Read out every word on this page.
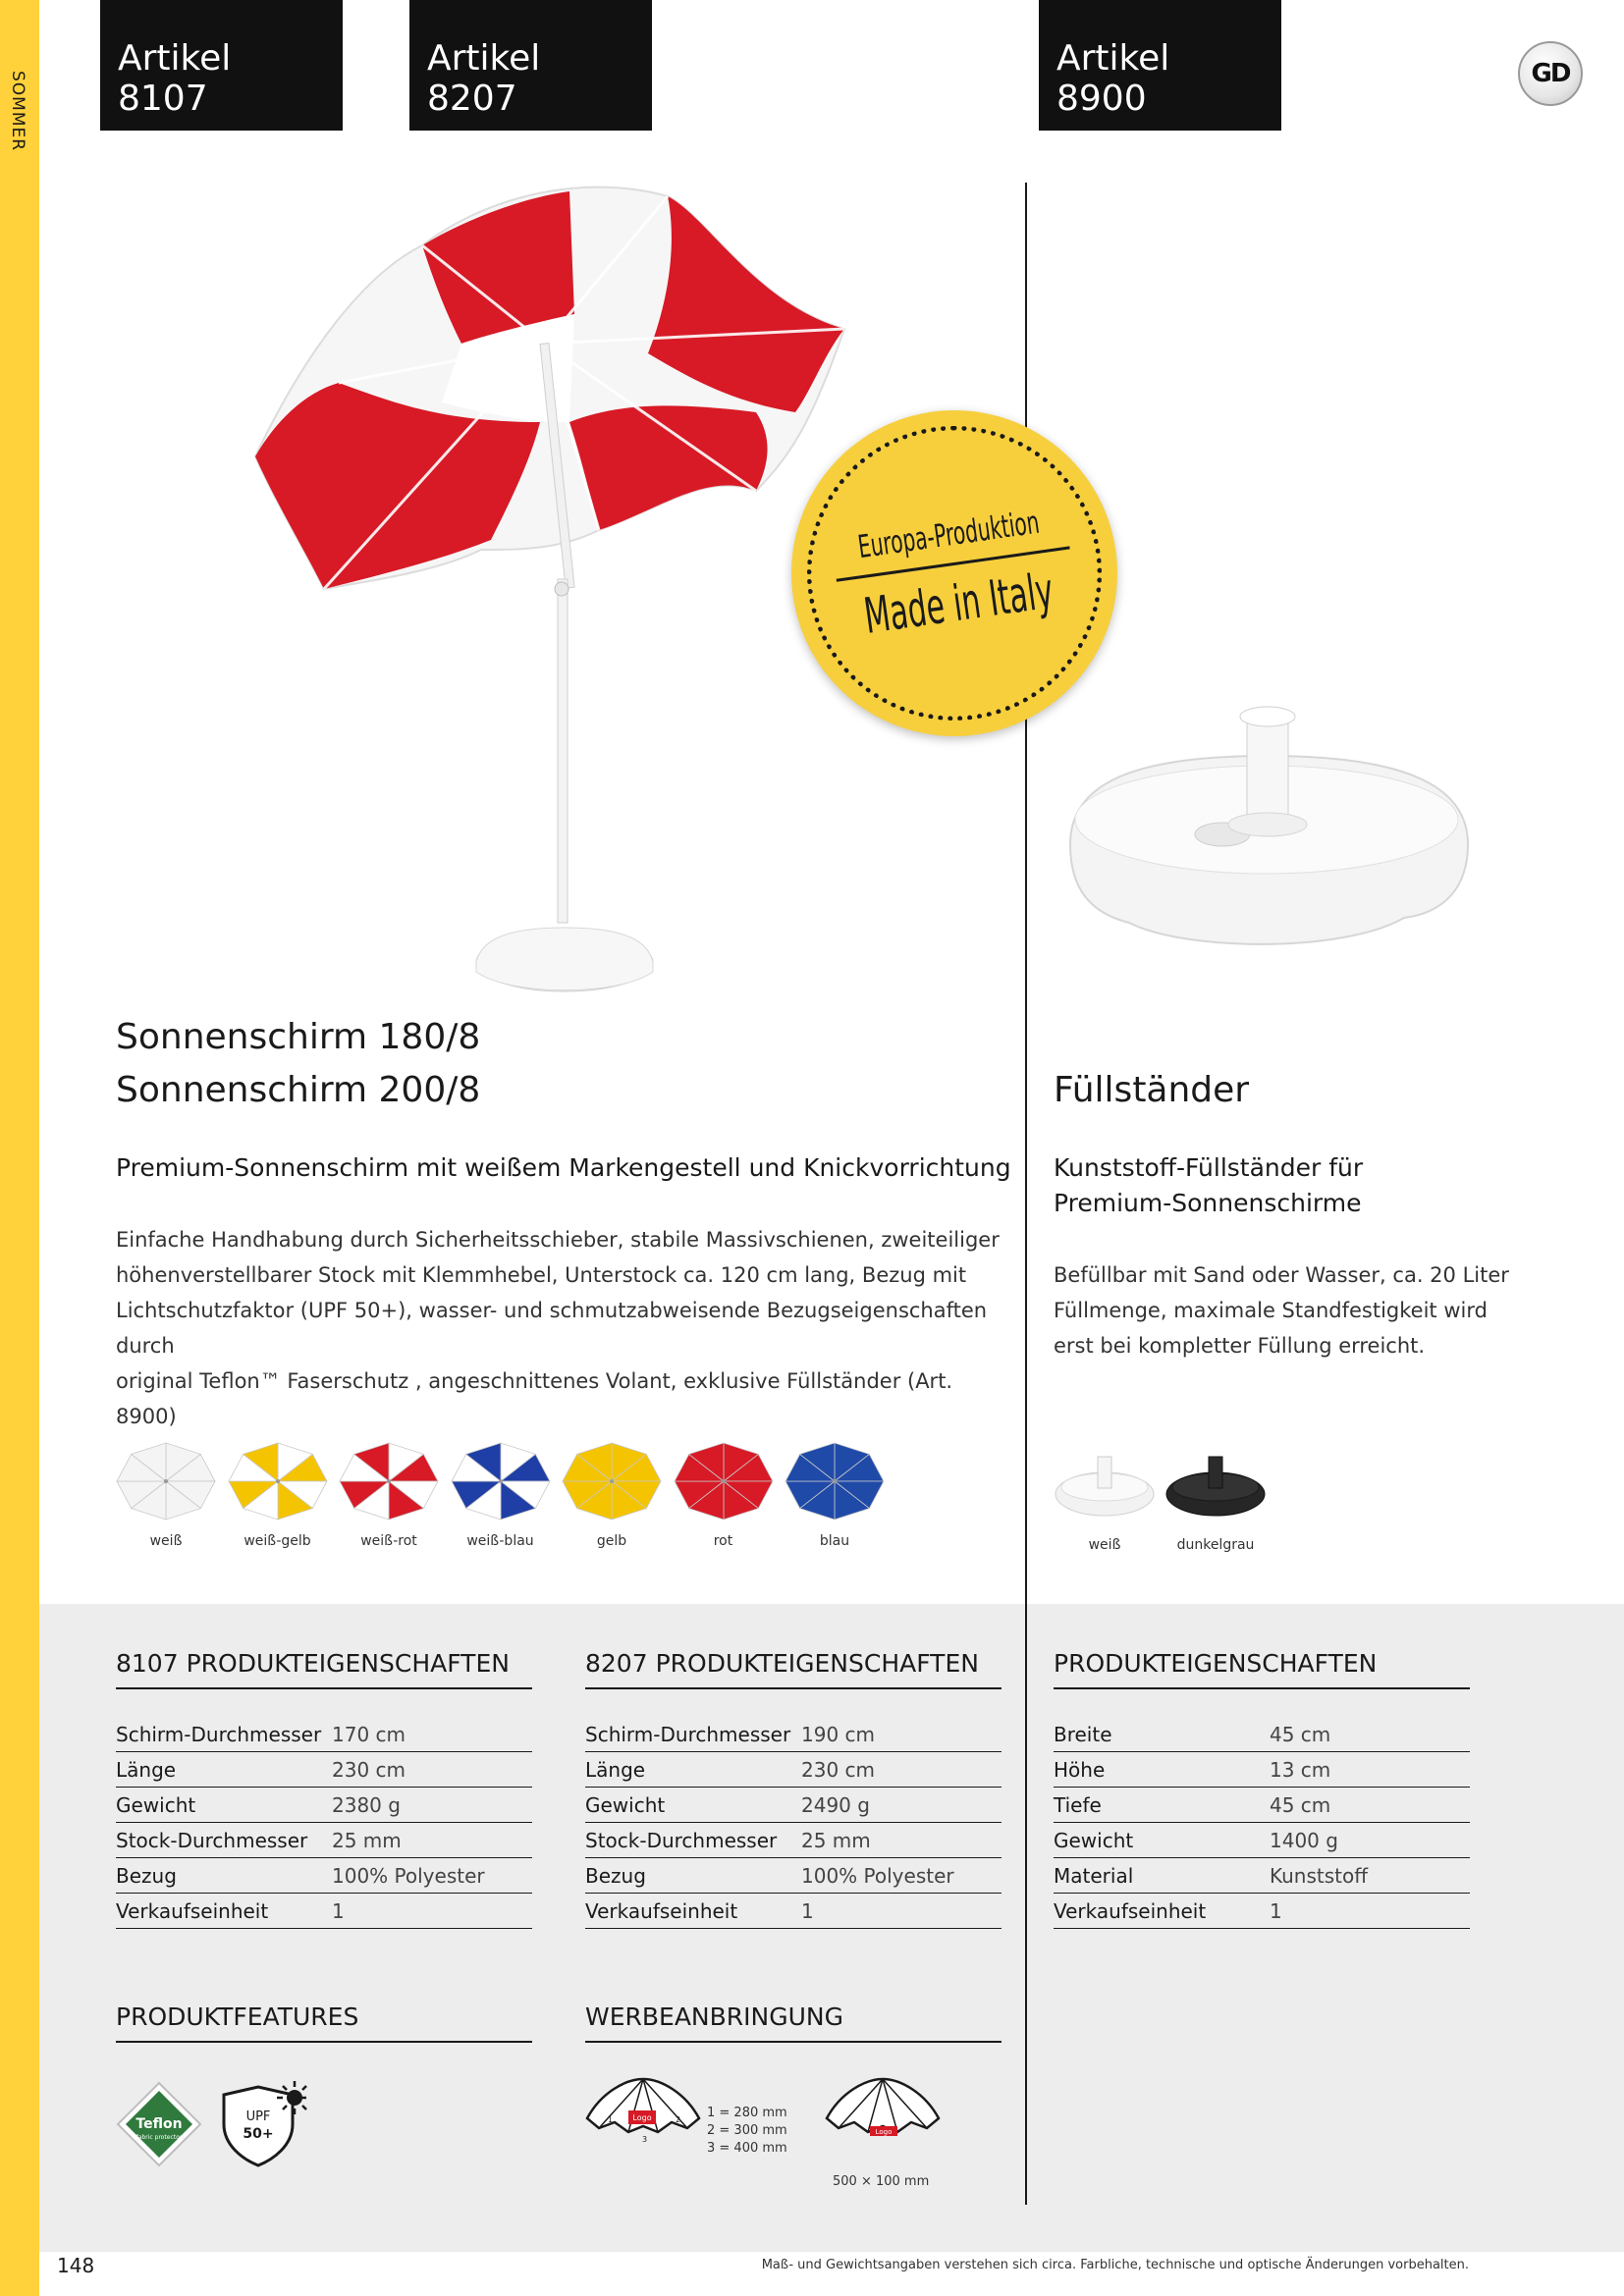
SOMMER
Artikel 8107
Artikel 8207
Artikel 8900
GD
Europa-Produktion
Made in Italy
Sonnenschirm 180/8
Sonnenschirm 200/8
Premium-Sonnenschirm mit weißem Markengestell und Knickvorrichtung
Einfache Handhabung durch Sicherheitsschieber, stabile Massivschienen, zweiteiliger
höhenverstellbarer Stock mit Klemmhebel, Unterstock ca. 120 cm lang, Bezug mit
Lichtschutzfaktor (UPF 50+), wasser- und schmutzabweisende Bezugseigenschaften durch
original Teflon™ Faserschutz , angeschnittenes Volant, exklusive Füllständer (Art. 8900)
weiß	weiß-gelb	weiß-rot	weiß-blau	gelb	rot	blau
Füllständer
Kunststoff-Füllständer für
Premium-Sonnenschirme
Befüllbar mit Sand oder Wasser, ca. 20 Liter
Füllmenge, maximale Standfestigkeit wird
erst bei kompletter Füllung erreicht.
weiß	dunkelgrau
8107 PRODUKTEIGENSCHAFTEN
Schirm-Durchmesser 170 cm
Länge	230 cm
Gewicht	2380 g
Stock-Durchmesser	25 mm
Bezug	100% Polyester
Verkaufseinheit	1
8207 PRODUKTEIGENSCHAFTEN
Schirm-Durchmesser 190 cm
Länge	230 cm
Gewicht	2490 g
Stock-Durchmesser	25 mm
Bezug	100% Polyester
Verkaufseinheit	1
PRODUKTEIGENSCHAFTEN
Breite	45 cm
Höhe	13 cm
Tiefe	45 cm
Gewicht	1400 g
Material	Kunststoff
Verkaufseinheit	1
PRODUKTFEATURES
Teflon
fabric protector
UPF
50+
WERBEANBRINGUNG
Logo
1
3
2 1 = 280 mm
2 = 300 mm
3 = 400 mm
Logo
500 × 100 mm
148	Maß- und Gewichtsangaben verstehen sich circa. Farbliche, technische und optische Änderungen vorbehalten.
